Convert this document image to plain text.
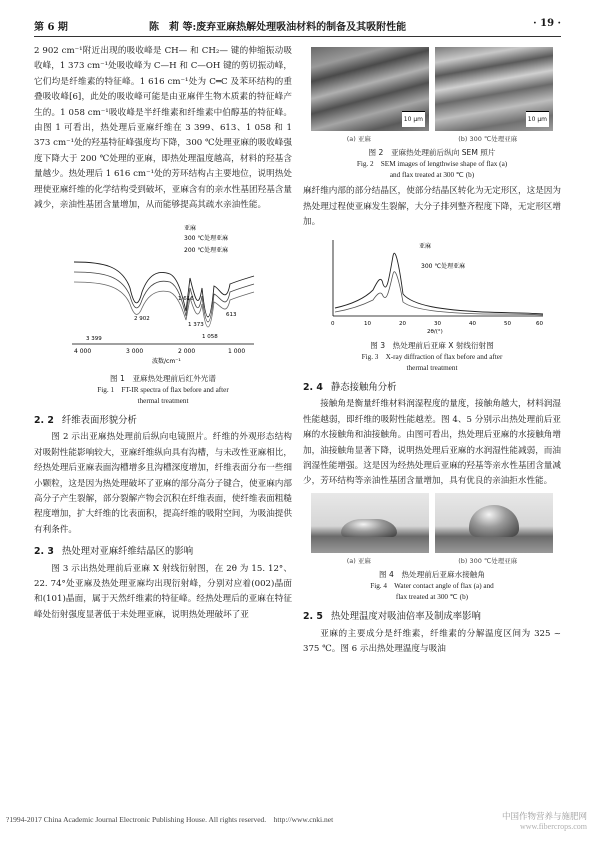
第 6 期	陈　莉 等:废弃亚麻热解处理吸油材料的制备及其吸附性能	· 19 ·

2 902 cm⁻¹附近出现的吸收峰是 CH— 和 CH₂— 键的伸缩振动吸收峰，1 373 cm⁻¹处吸收峰为 C—H 和 C—OH 键的剪切振动峰，它们均是纤维素的特征峰。1 616 cm⁻¹处为 C═C 及苯环结构的重叠吸收峰[6]，此处的吸收峰可能是由亚麻伴生物木质素的特征峰产生的。1 058 cm⁻¹吸收峰是半纤维素和纤维素中伯醇基的特征峰。由图 1 可看出，热处理后亚麻纤维在 3 399、613、1 058 和 1 373 cm⁻¹处的羟基特征峰强度均下降，300 ℃处理亚麻的吸收峰强度下降大于 200 ℃处理的亚麻，即热处理温度越高，材料的羟基含量越少。热处理后 1 616 cm⁻¹处的芳环结构占主要地位，说明热处理使亚麻纤维的化学结构受到破坏，亚麻含有的亲水性基团羟基含量减少，亲油性基团含量增加，从而能够提高其疏水亲油性能。

亚麻
300 ℃处理亚麻
200 ℃处理亚麻
2 902
1 616
1 373
1 058
613
3 399
4 000	3 000	2 000	1 000
波数/cm⁻¹
图 1　亚麻热处理前后红外光谱
Fig. 1　FT-IR spectra of flax before and after
thermal treatment
2. 2 纤维表面形貌分析

图 2 示出亚麻热处理前后纵向电镜照片。纤维的外观形态结构对吸附性能影响较大，亚麻纤维纵向具有沟槽，与未改性亚麻相比，经热处理后亚麻表面沟槽增多且沟槽深度增加，纤维表面分布一些细小颗粒，这是因为热处理破坏了亚麻的部分高分子键合，使亚麻内部高分子产生裂解，部分裂解产物会沉积在纤维表面，使纤维表面粗糙程度增加，扩大纤维的比表面积，提高纤维的吸附空间，为吸油提供有利条件。

2. 3 热处理对亚麻纤维结晶区的影响

图 3 示出热处理前后亚麻 X 射线衍射图，在 2θ 为 15. 12°、22. 74°处亚麻及热处理亚麻均出现衍射峰，分别对应着(002)晶面和(101)晶面，属于天然纤维素的特征峰。经热处理后的亚麻在特征峰处衍射强度显著低于未处理亚麻，说明热处理破坏了亚

10 μm	10 μm
(a) 亚麻	(b) 300 ℃处理亚麻
图 2　亚麻热处理前后纵向 SEM 照片
Fig. 2　SEM images of lengthwise shape of flax (a)
and flax treated at 300 ℃ (b)

麻纤维内部的部分结晶区，使部分结晶区转化为无定形区，这是因为热处理过程使亚麻发生裂解，大分子排列整齐程度下降，无定形区增加。

亚麻
300 ℃处理亚麻
0	10	20	30	40	50	60
2θ/(°)
图 3　热处理前后亚麻 X 射线衍射图
Fig. 3　X-ray diffraction of flax before and after
thermal treatment
2. 4 静态接触角分析

接触角是衡量纤维材料润湿程度的量度，接触角越大，材料润湿性能越弱，即纤维的吸附性能越差。图 4、5 分别示出热处理前后亚麻的水接触角和油接触角。由图可看出，热处理后亚麻的水接触角增加，油接触角显著下降，说明热处理后亚麻的水润湿性能减弱，而油润湿性能增强。这是因为经热处理后亚麻的羟基等亲水性基团含量减少，芳环结构等亲油性基团含量增加，具有优良的亲油拒水性能。

(a) 亚麻	(b) 300 ℃处理亚麻
图 4　热处理前后亚麻水接触角
Fig. 4　Water contact angle of flax (a) and
flax treated at 300 ℃ (b)
2. 5 热处理温度对吸油倍率及制成率影响

亚麻的主要成分是纤维素，纤维素的分解温度区间为 325 ~ 375 ℃。图 6 示出热处理温度与吸油

?1994-2017 China Academic Journal Electronic Publishing House. All rights reserved.　http://www.cnki.net	中国作物营养与施肥网
www.fibercrops.com
